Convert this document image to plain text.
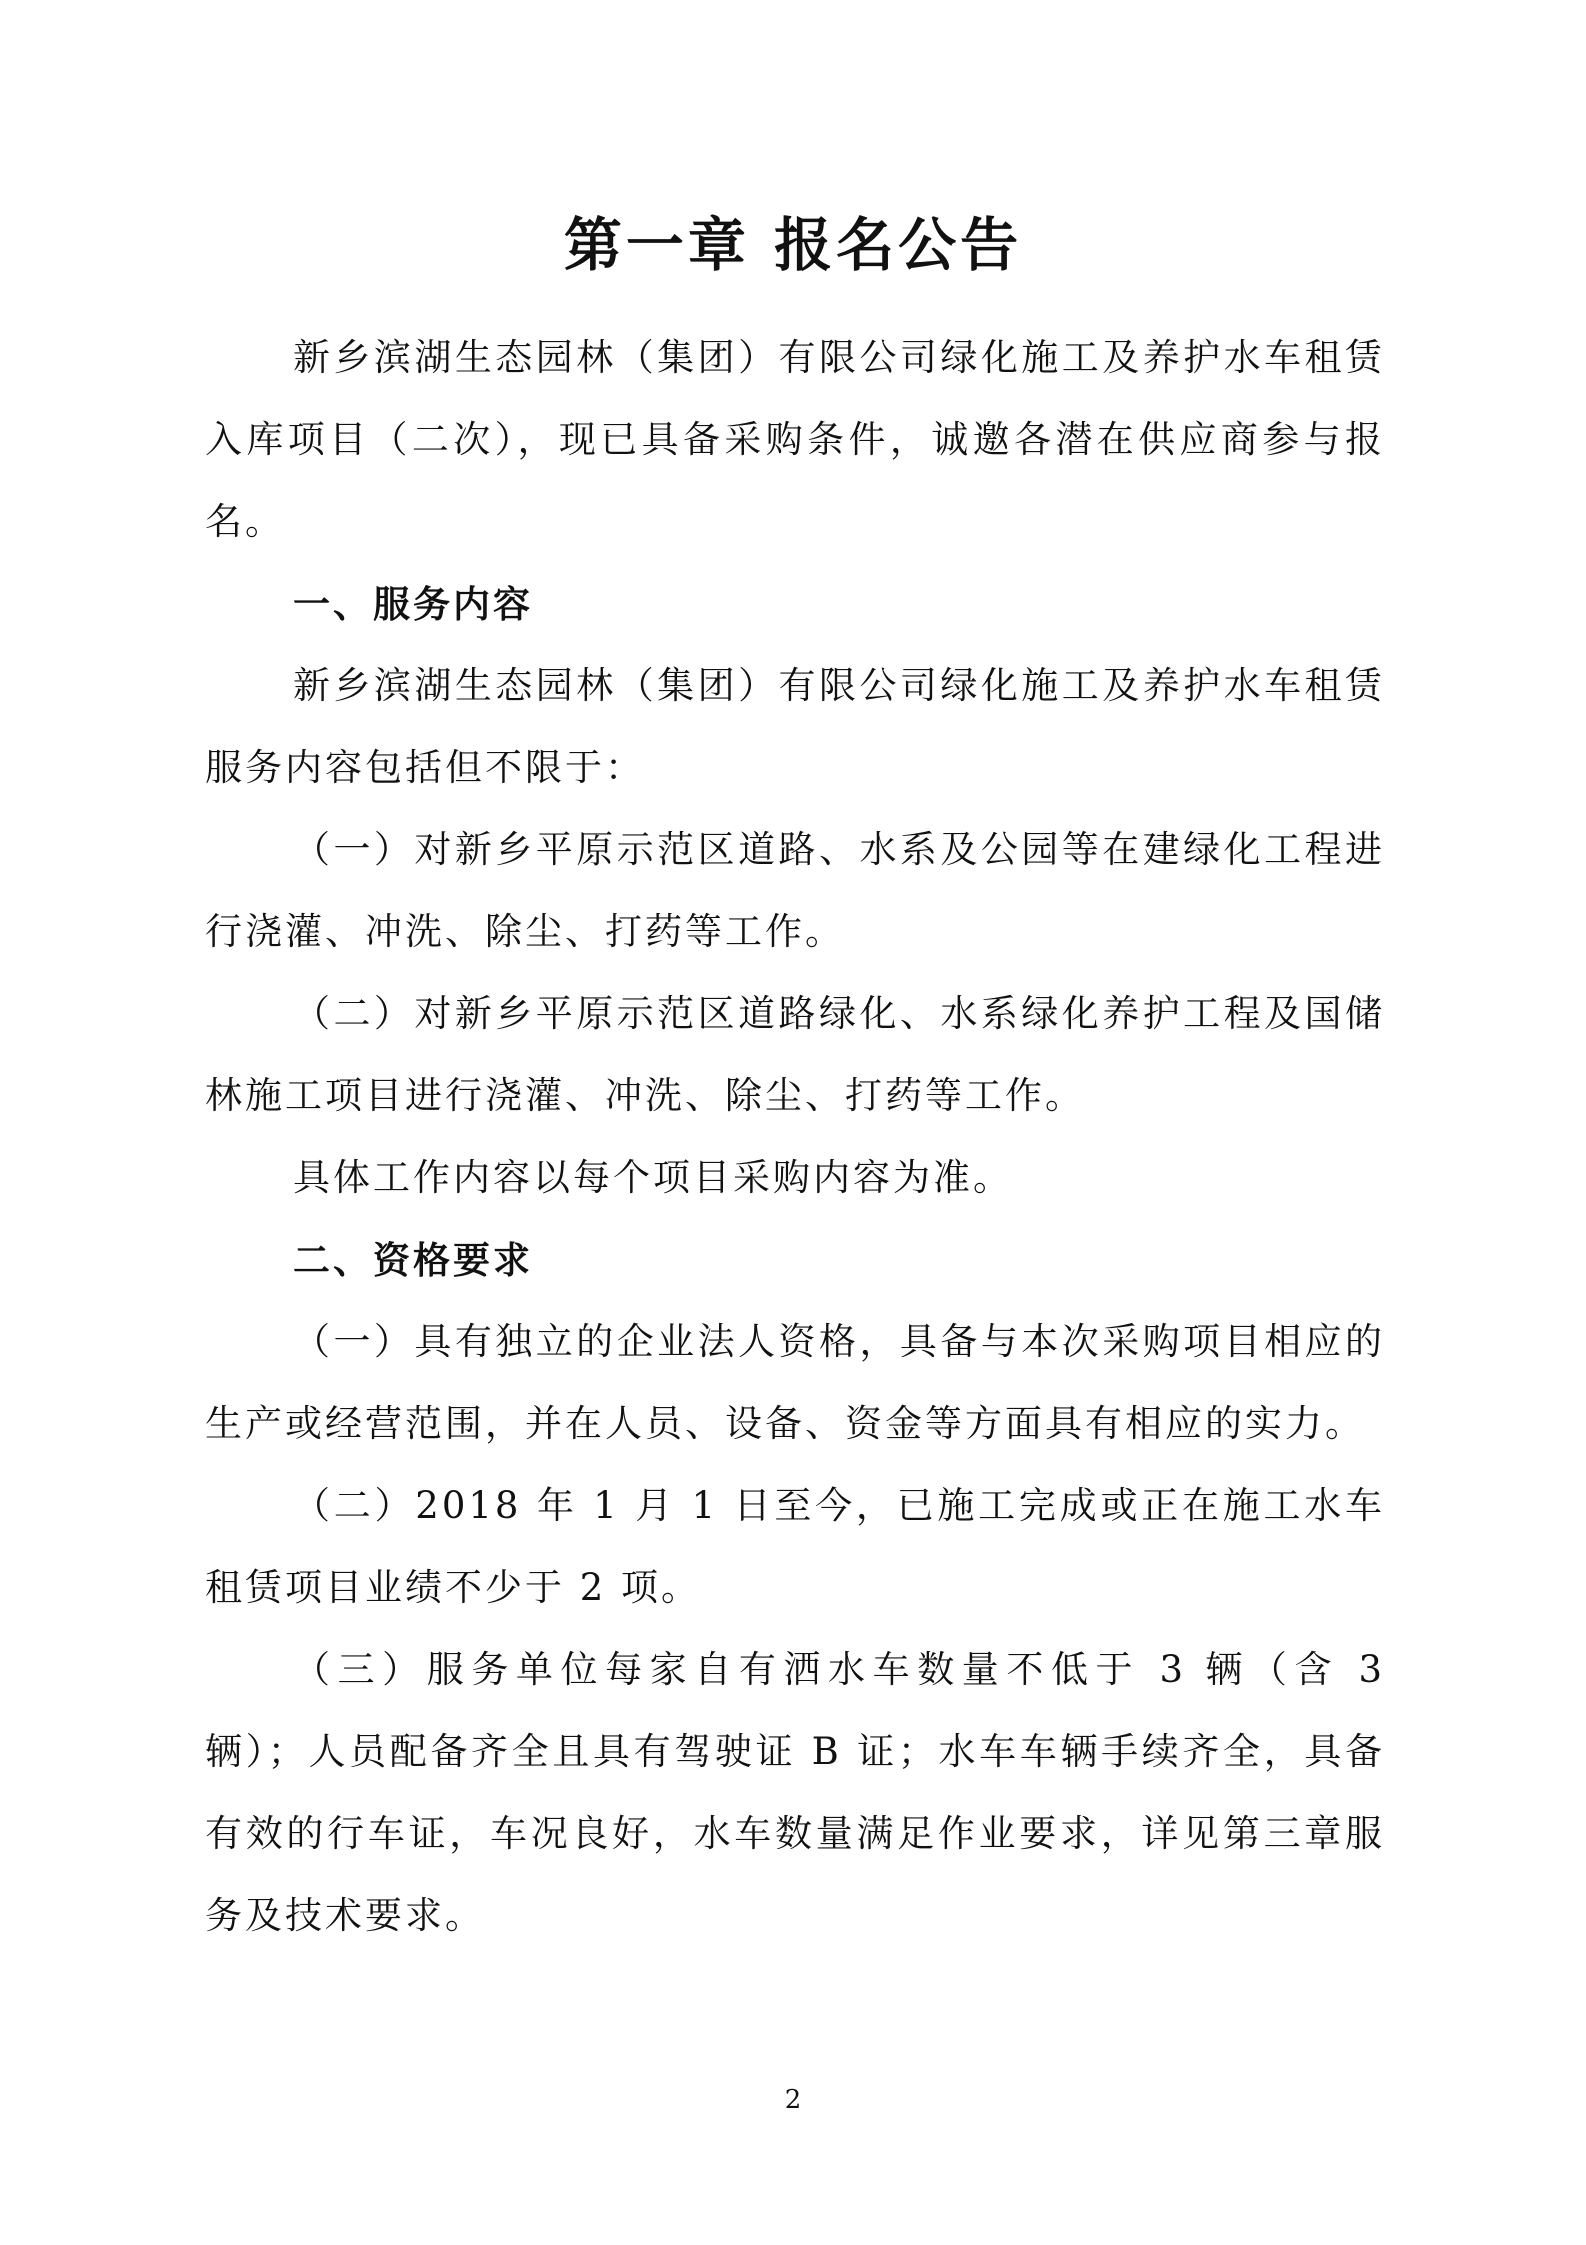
第一章 报名公告

新乡滨湖生态园林（集团）有限公司绿化施工及养护水车租赁入库项目（二次），现已具备采购条件，诚邀各潜在供应商参与报名。

一、服务内容

新乡滨湖生态园林（集团）有限公司绿化施工及养护水车租赁服务内容包括但不限于：

（一）对新乡平原示范区道路、水系及公园等在建绿化工程进行浇灌、冲洗、除尘、打药等工作。

（二）对新乡平原示范区道路绿化、水系绿化养护工程及国储林施工项目进行浇灌、冲洗、除尘、打药等工作。

具体工作内容以每个项目采购内容为准。

二、资格要求

（一）具有独立的企业法人资格，具备与本次采购项目相应的生产或经营范围，并在人员、设备、资金等方面具有相应的实力。

（二）2018 年 1 月 1 日至今，已施工完成或正在施工水车租赁项目业绩不少于 2 项。

（三）服务单位每家自有洒水车数量不低于 3 辆（含 3 辆）；人员配备齐全且具有驾驶证 B 证；水车车辆手续齐全，具备有效的行车证，车况良好，水车数量满足作业要求，详见第三章服务及技术要求。

2
